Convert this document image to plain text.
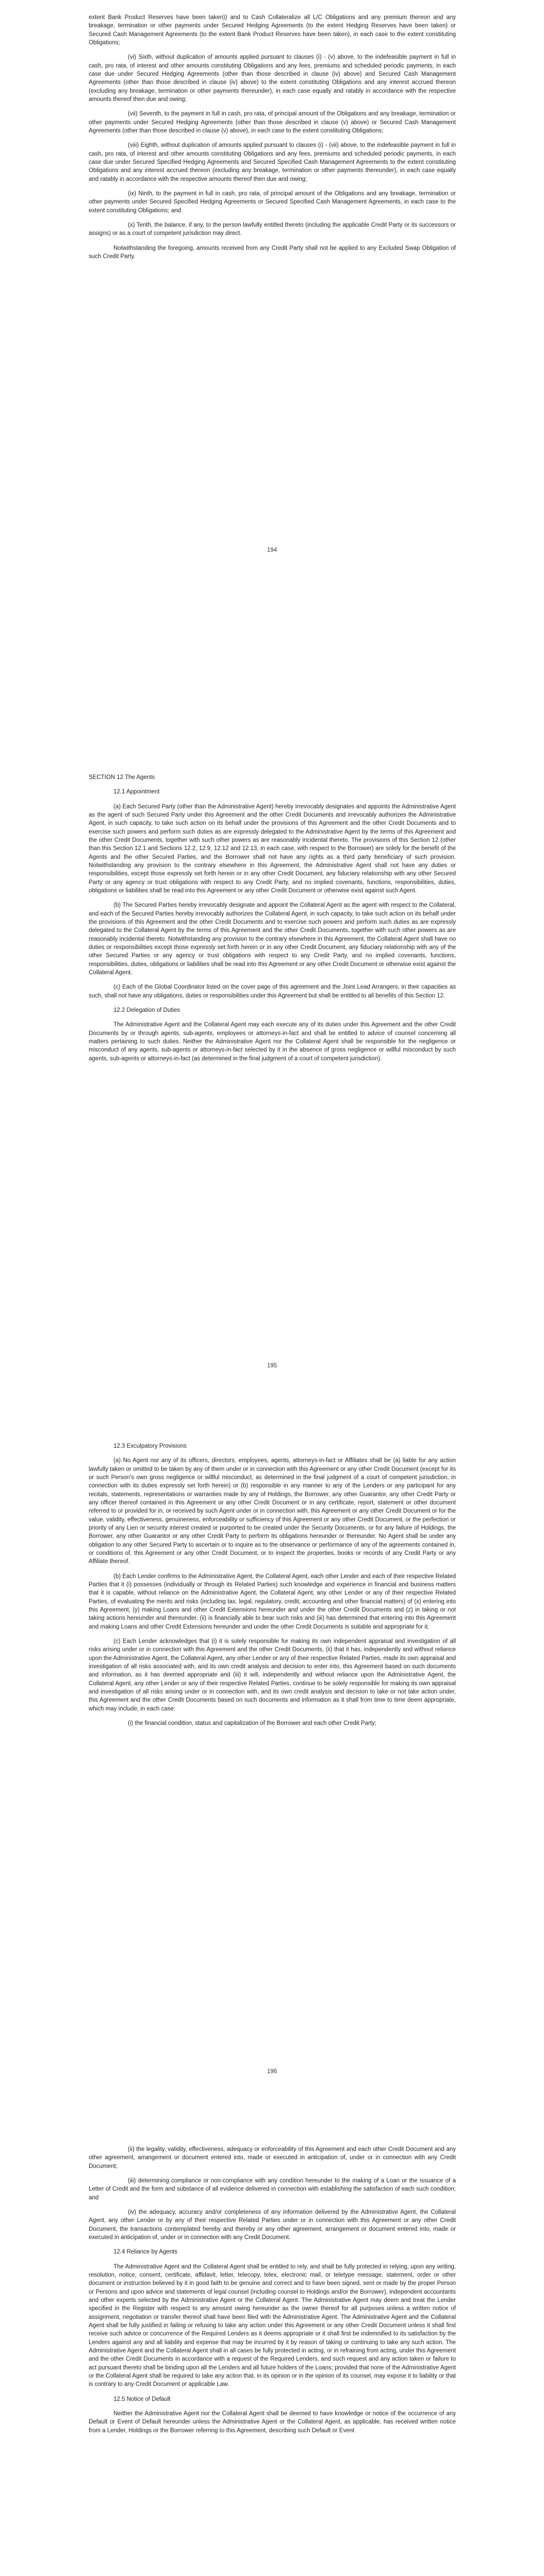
extent Bank Product Reserves have been taken)) and to Cash Collateralize all L/C Obligations and any premium thereon and any breakage, termination or other payments under Secured Hedging Agreements (to the extent Hedging Reserves have been taken) or Secured Cash Management Agreements (to the extent Bank Product Reserves have been taken), in each case to the extent constituting Obligations;

(vi) Sixth, without duplication of amounts applied pursuant to clauses (i) - (v) above, to the indefeasible payment in full in cash, pro rata, of interest and other amounts constituting Obligations and any fees, premiums and scheduled periodic payments, in each case due under Secured Hedging Agreements (other than those described in clause (iv) above) and Secured Cash Management Agreements (other than those described in clause (iv) above) to the extent constituting Obligations and any interest accrued thereon (excluding any breakage, termination or other payments thereunder), in each case equally and ratably in accordance with the respective amounts thereof then due and owing;

(vii) Seventh, to the payment in full in cash, pro rata, of principal amount of the Obligations and any breakage, termination or other payments under Secured Hedging Agreements (other than those described in clause (v) above) or Secured Cash Management Agreements (other than those described in clause (v) above), in each case to the extent constituting Obligations;

(viii) Eighth, without duplication of amounts applied pursuant to clauses (i) - (vii) above, to the indefeasible payment in full in cash, pro rata, of interest and other amounts constituting Obligations and any fees, premiums and scheduled periodic payments, in each case due under Secured Specified Hedging Agreements and Secured Specified Cash Management Agreements to the extent constituting Obligations and any interest accrued thereon (excluding any breakage, termination or other payments thereunder), in each case equally and ratably in accordance with the respective amounts thereof then due and owing;

(ix) Ninth, to the payment in full in cash, pro rata, of principal amount of the Obligations and any breakage, termination or other payments under Secured Specified Hedging Agreements or Secured Specified Cash Management Agreements, in each case to the extent constituting Obligations; and

(x) Tenth, the balance, if any, to the person lawfully entitled thereto (including the applicable Credit Party or its successors or assigns) or as a court of competent jurisdiction may direct.

Notwithstanding the foregoing, amounts received from any Credit Party shall not be applied to any Excluded Swap Obligation of such Credit Party.

194

SECTION 12 The Agents

12.1 Appointment

(a) Each Secured Party (other than the Administrative Agent) hereby irrevocably designates and appoints the Administrative Agent as the agent of such Secured Party under this Agreement and the other Credit Documents and irrevocably authorizes the Administrative Agent, in such capacity, to take such action on its behalf under the provisions of this Agreement and the other Credit Documents and to exercise such powers and perform such duties as are expressly delegated to the Administrative Agent by the terms of this Agreement and the other Credit Documents, together with such other powers as are reasonably incidental thereto. The provisions of this Section 12 (other than this Section 12.1 and Sections 12.2, 12.9, 12.12 and 12.13, in each case, with respect to the Borrower) are solely for the benefit of the Agents and the other Secured Parties, and the Borrower shall not have any rights as a third party beneficiary of such provision. Notwithstanding any provision to the contrary elsewhere in this Agreement, the Administrative Agent shall not have any duties or responsibilities, except those expressly set forth herein or in any other Credit Document, any fiduciary relationship with any other Secured Party or any agency or trust obligations with respect to any Credit Party, and no implied covenants, functions, responsibilities, duties, obligations or liabilities shall be read into this Agreement or any other Credit Document or otherwise exist against such Agent.

(b) The Secured Parties hereby irrevocably designate and appoint the Collateral Agent as the agent with respect to the Collateral, and each of the Secured Parties hereby irrevocably authorizes the Collateral Agent, in such capacity, to take such action on its behalf under the provisions of this Agreement and the other Credit Documents and to exercise such powers and perform such duties as are expressly delegated to the Collateral Agent by the terms of this Agreement and the other Credit Documents, together with such other powers as are reasonably incidental thereto. Notwithstanding any provision to the contrary elsewhere in this Agreement, the Collateral Agent shall have no duties or responsibilities except those expressly set forth herein or in any other Credit Document, any fiduciary relationship with any of the other Secured Parties or any agency or trust obligations with respect to any Credit Party, and no implied covenants, functions, responsibilities, duties, obligations or liabilities shall be read into this Agreement or any other Credit Document or otherwise exist against the Collateral Agent.

(c) Each of the Global Coordinator listed on the cover page of this agreement and the Joint Lead Arrangers, in their capacities as such, shall not have any obligations, duties or responsibilities under this Agreement but shall be entitled to all benefits of this Section 12.

12.2 Delegation of Duties

The Administrative Agent and the Collateral Agent may each execute any of its duties under this Agreement and the other Credit Documents by or through agents, sub-agents, employees or attorneys-in-fact and shall be entitled to advice of counsel concerning all matters pertaining to such duties. Neither the Administrative Agent nor the Collateral Agent shall be responsible for the negligence or misconduct of any agents, sub-agents or attorneys-in-fact selected by it in the absence of gross negligence or willful misconduct by such agents, sub-agents or attorneys-in-fact (as determined in the final judgment of a court of competent jurisdiction).

195

12.3 Exculpatory Provisions

(a) No Agent nor any of its officers, directors, employees, agents, attorneys-in-fact or Affiliates shall be (a) liable for any action lawfully taken or omitted to be taken by any of them under or in connection with this Agreement or any other Credit Document (except for its or such Person’s own gross negligence or willful misconduct, as determined in the final judgment of a court of competent jurisdiction, in connection with its duties expressly set forth herein) or (b) responsible in any manner to any of the Lenders or any participant for any recitals, statements, representations or warranties made by any of Holdings, the Borrower, any other Guarantor, any other Credit Party or any officer thereof contained in this Agreement or any other Credit Document or in any certificate, report, statement or other document referred to or provided for in, or received by such Agent under or in connection with, this Agreement or any other Credit Document or for the value, validity, effectiveness, genuineness, enforceability or sufficiency of this Agreement or any other Credit Document, or the perfection or priority of any Lien or security interest created or purported to be created under the Security Documents, or for any failure of Holdings, the Borrower, any other Guarantor or any other Credit Party to perform its obligations hereunder or thereunder. No Agent shall be under any obligation to any other Secured Party to ascertain or to inquire as to the observance or performance of any of the agreements contained in, or conditions of, this Agreement or any other Credit Document, or to inspect the properties, books or records of any Credit Party or any Affiliate thereof.

(b) Each Lender confirms to the Administrative Agent, the Collateral Agent, each other Lender and each of their respective Related Parties that it (i) possesses (individually or through its Related Parties) such knowledge and experience in financial and business matters that it is capable, without reliance on the Administrative Agent, the Collateral Agent, any other Lender or any of their respective Related Parties, of evaluating the merits and risks (including tax, legal, regulatory, credit, accounting and other financial matters) of (x) entering into this Agreement, (y) making Loans and other Credit Extensions hereunder and under the other Credit Documents and (z) in taking or not taking actions hereunder and thereunder, (ii) is financially able to bear such risks and (iii) has determined that entering into this Agreement and making Loans and other Credit Extensions hereunder and under the other Credit Documents is suitable and appropriate for it.

(c) Each Lender acknowledges that (i) it is solely responsible for making its own independent appraisal and investigation of all risks arising under or in connection with this Agreement and the other Credit Documents, (ii) that it has, independently and without reliance upon the Administrative Agent, the Collateral Agent, any other Lender or any of their respective Related Parties, made its own appraisal and investigation of all risks associated with, and its own credit analysis and decision to enter into, this Agreement based on such documents and information, as it has deemed appropriate and (iii) it will, independently and without reliance upon the Administrative Agent, the Collateral Agent, any other Lender or any of their respective Related Parties, continue to be solely responsible for making its own appraisal and investigation of all risks arising under or in connection with, and its own credit analysis and decision to take or not take action under, this Agreement and the other Credit Documents based on such documents and information as it shall from time to time deem appropriate, which may include, in each case:

(i) the financial condition, status and capitalization of the Borrower and each other Credit Party;

196

(ii) the legality, validity, effectiveness, adequacy or enforceability of this Agreement and each other Credit Document and any other agreement, arrangement or document entered into, made or executed in anticipation of, under or in connection with any Credit Document;

(iii) determining compliance or non-compliance with any condition hereunder to the making of a Loan or the issuance of a Letter of Credit and the form and substance of all evidence delivered in connection with establishing the satisfaction of each such condition; and

(iv) the adequacy, accuracy and/or completeness of any information delivered by the Administrative Agent, the Collateral Agent, any other Lender or by any of their respective Related Parties under or in connection with this Agreement or any other Credit Document, the transactions contemplated hereby and thereby or any other agreement, arrangement or document entered into, made or executed in anticipation of, under or in connection with any Credit Document.

12.4 Reliance by Agents

The Administrative Agent and the Collateral Agent shall be entitled to rely, and shall be fully protected in relying, upon any writing, resolution, notice, consent, certificate, affidavit, letter, telecopy, telex, electronic mail, or teletype message, statement, order or other document or instruction believed by it in good faith to be genuine and correct and to have been signed, sent or made by the proper Person or Persons and upon advice and statements of legal counsel (including counsel to Holdings and/or the Borrower), independent accountants and other experts selected by the Administrative Agent or the Collateral Agent. The Administrative Agent may deem and treat the Lender specified in the Register with respect to any amount owing hereunder as the owner thereof for all purposes unless a written notice of assignment, negotiation or transfer thereof shall have been filed with the Administrative Agent. The Administrative Agent and the Collateral Agent shall be fully justified in failing or refusing to take any action under this Agreement or any other Credit Document unless it shall first receive such advice or concurrence of the Required Lenders as it deems appropriate or it shall first be indemnified to its satisfaction by the Lenders against any and all liability and expense that may be incurred by it by reason of taking or continuing to take any such action. The Administrative Agent and the Collateral Agent shall in all cases be fully protected in acting, or in refraining from acting, under this Agreement and the other Credit Documents in accordance with a request of the Required Lenders, and such request and any action taken or failure to act pursuant thereto shall be binding upon all the Lenders and all future holders of the Loans; provided that none of the Administrative Agent or the Collateral Agent shall be required to take any action that, in its opinion or in the opinion of its counsel, may expose it to liability or that is contrary to any Credit Document or applicable Law.

12.5 Notice of Default

Neither the Administrative Agent nor the Collateral Agent shall be deemed to have knowledge or notice of the occurrence of any Default or Event of Default hereunder unless the Administrative Agent or the Collateral Agent, as applicable, has received written notice from a Lender, Holdings or the Borrower referring to this Agreement, describing such Default or Event
